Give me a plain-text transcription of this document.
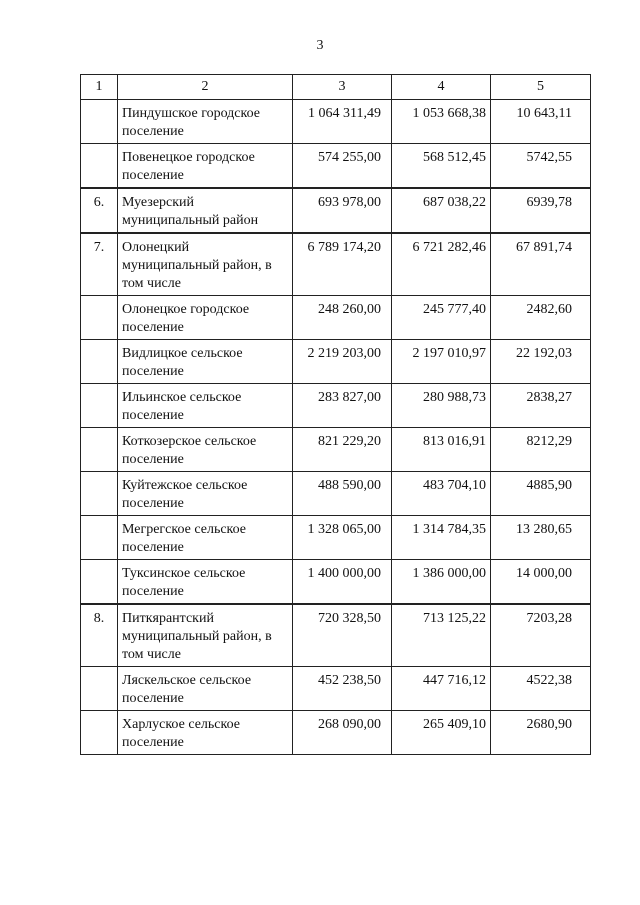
3
1	2	3	4	5
	Пиндушское городское поселение	1 064 311,49	1 053 668,38	10 643,11
	Повенецкое городское поселение	574 255,00	568 512,45	5742,55
6.	Муезерский муниципальный район	693 978,00	687 038,22	6939,78
7.	Олонецкий муниципальный район, в том числе	6 789 174,20	6 721 282,46	67 891,74
	Олонецкое городское поселение	248 260,00	245 777,40	2482,60
	Видлицкое сельское поселение	2 219 203,00	2 197 010,97	22 192,03
	Ильинское сельское поселение	283 827,00	280 988,73	2838,27
	Коткозерское сельское поселение	821 229,20	813 016,91	8212,29
	Куйтежское сельское поселение	488 590,00	483 704,10	4885,90
	Мегрегское сельское поселение	1 328 065,00	1 314 784,35	13 280,65
	Туксинское сельское поселение	1 400 000,00	1 386 000,00	14 000,00
8.	Питкярантский муниципальный район, в том числе	720 328,50	713 125,22	7203,28
	Ляскельское сельское поселение	452 238,50	447 716,12	4522,38
	Харлуское сельское поселение	268 090,00	265 409,10	2680,90
